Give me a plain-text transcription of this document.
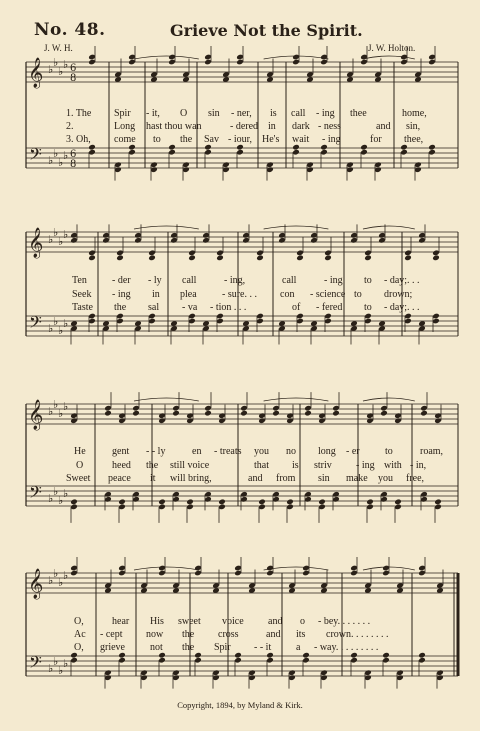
No. 48.	Grieve Not the Spirit.
J. W. H.	J. W. Holton.
𝄞 ♭
♭
♭
♭ 6
8
𝄢 ♭
♭
♭
♭ 6
8
𝄞 ♭
♭
♭
♭
𝄢 ♭
♭
♭
♭
𝄞 ♭
♭
♭
♭
𝄢 ♭
♭
♭
♭
𝄞 ♭
♭
♭
♭
𝄢 ♭
♭
♭
♭
1. The Spir - it, O sin - ner, is call - ing thee	home,
2.	Long hast thou wan	- dered in dark - ness	and sin,
3. Oh, come to the Sav - iour, He's wait - ing	for thee,
Ten	- der - ly call	- ing,	call	- ing to - day;. . .
Seek - ing in plea	- sure. . . con - science to drown;
Taste the sal - va - tion . . .	of - fered to - day;. . .
He	gent - - ly	en - treats you no long - er	to	roam,
O	heed the still voice	that is striv - ing with - in,
Sweet peace it will bring,	and from sin make you free,
O,	hear His sweet voice and o - bey. . . . . . .
Ac - cept now the cross	and its crown. . . . . . . .
O, grieve	not the Spir - - it a - way. . . . . . . . .
Copyright, 1894, by Myland & Kirk.
